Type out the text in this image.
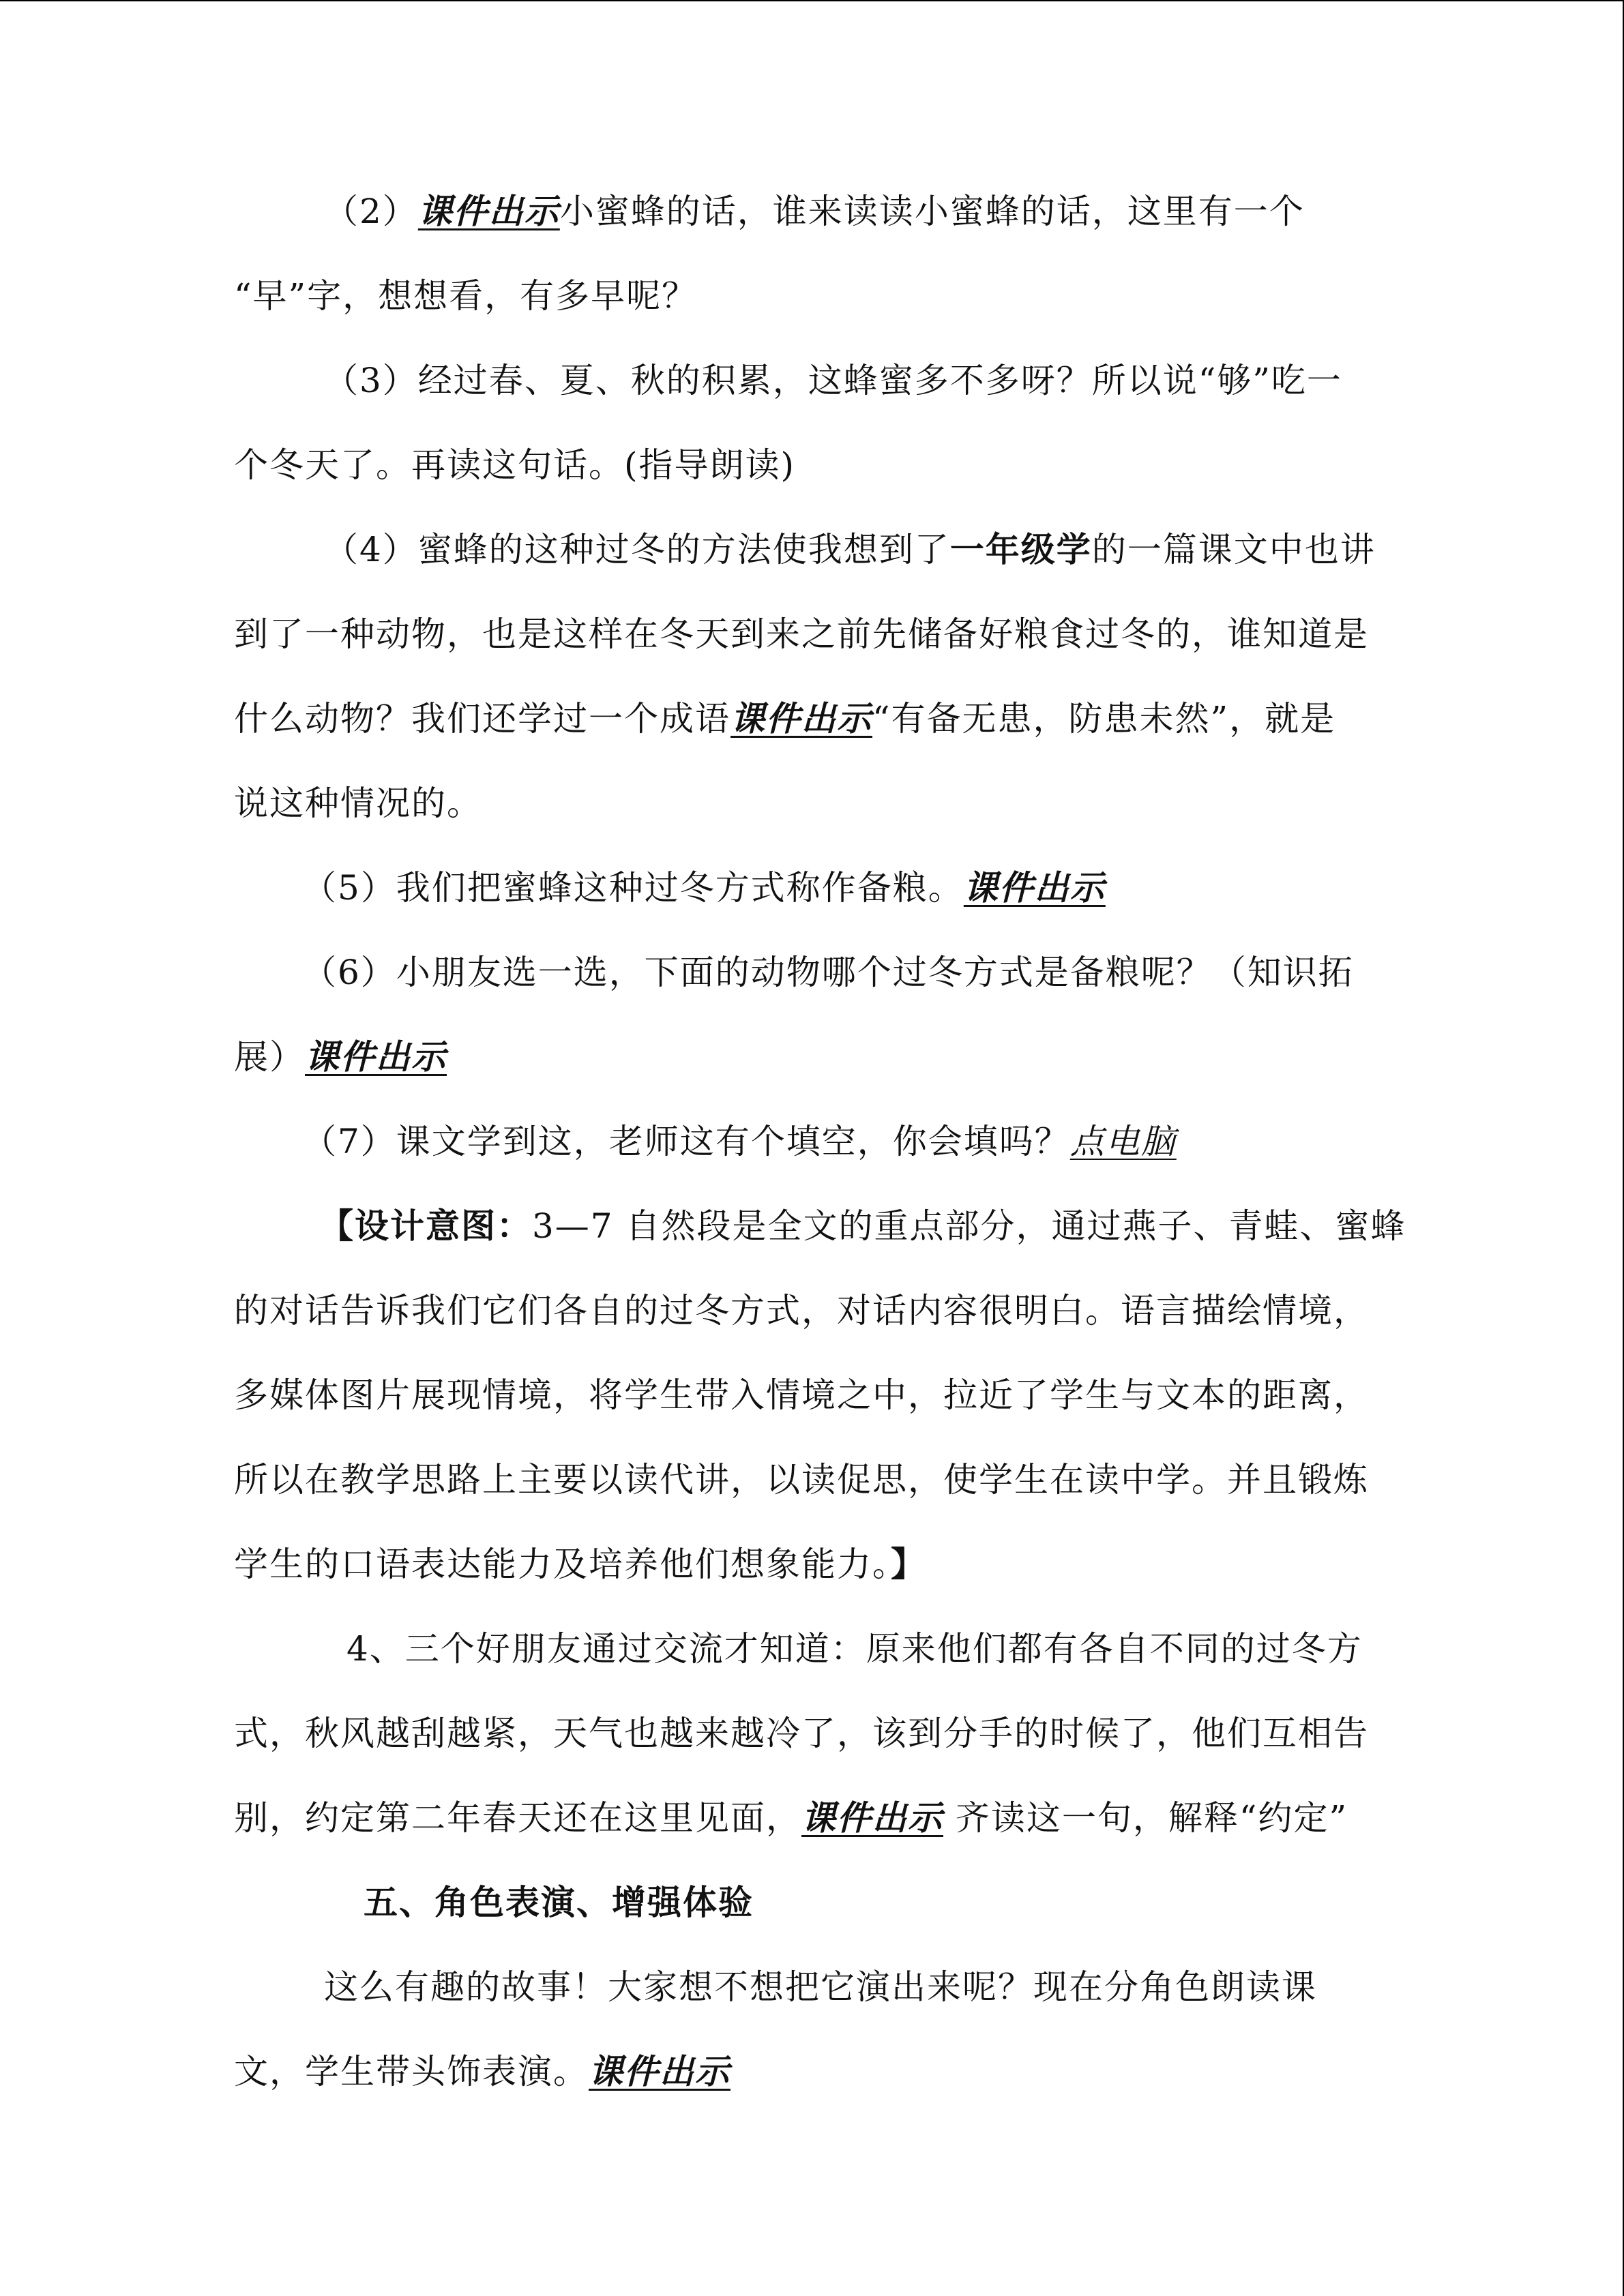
（2）课件出示小蜜蜂的话，谁来读读小蜜蜂的话，这里有一个
“早”字，想想看，有多早呢？
（3）经过春、夏、秋的积累，这蜂蜜多不多呀？所以说“够”吃一
个冬天了。再读这句话。(指导朗读)
（4）蜜蜂的这种过冬的方法使我想到了一年级学的一篇课文中也讲
到了一种动物，也是这样在冬天到来之前先储备好粮食过冬的，谁知道是
什么动物？我们还学过一个成语课件出示“有备无患，防患未然”，就是
说这种情况的。
（5）我们把蜜蜂这种过冬方式称作备粮。课件出示
（6）小朋友选一选，下面的动物哪个过冬方式是备粮呢？（知识拓
展）课件出示
（7）课文学到这，老师这有个填空，你会填吗？点电脑
【设计意图：3—7 自然段是全文的重点部分，通过燕子、青蛙、蜜蜂
的对话告诉我们它们各自的过冬方式，对话内容很明白。语言描绘情境，
多媒体图片展现情境，将学生带入情境之中，拉近了学生与文本的距离，
所以在教学思路上主要以读代讲，以读促思，使学生在读中学。并且锻炼
学生的口语表达能力及培养他们想象能力。】
4、三个好朋友通过交流才知道：原来他们都有各自不同的过冬方
式，秋风越刮越紧，天气也越来越冷了，该到分手的时候了，他们互相告
别，约定第二年春天还在这里见面，课件出示 齐读这一句，解释“约定”
五、角色表演、增强体验
这么有趣的故事！大家想不想把它演出来呢？现在分角色朗读课
文，学生带头饰表演。课件出示
